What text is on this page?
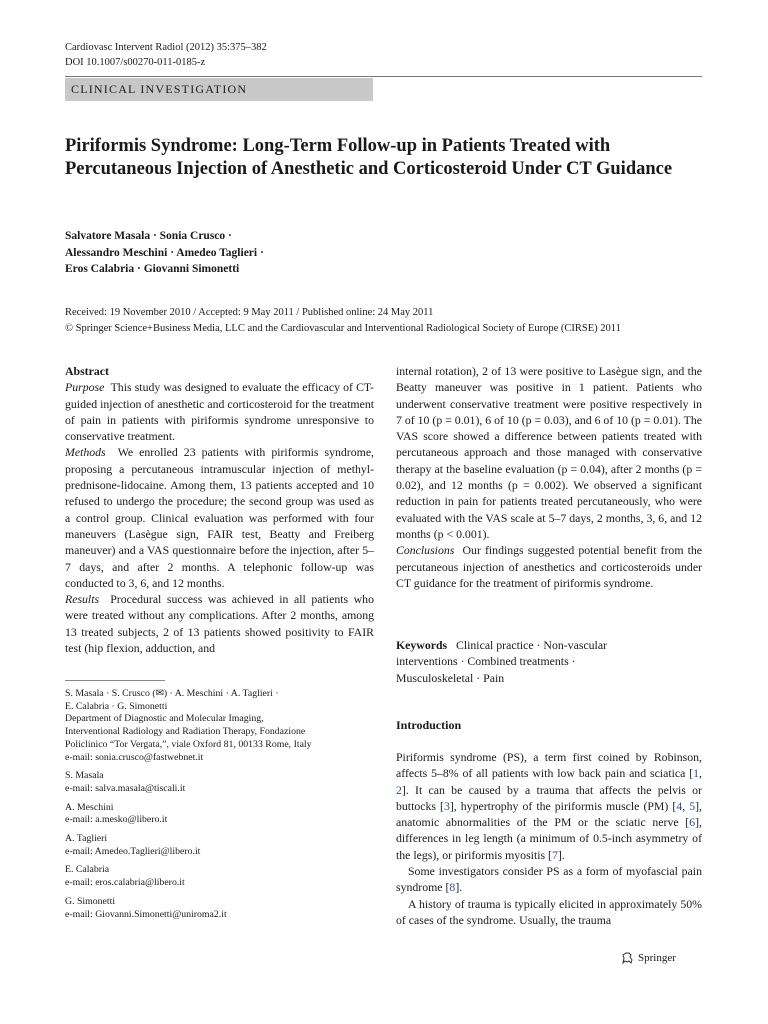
Cardiovasc Intervent Radiol (2012) 35:375–382
DOI 10.1007/s00270-011-0185-z
CLINICAL INVESTIGATION
Piriformis Syndrome: Long-Term Follow-up in Patients Treated with Percutaneous Injection of Anesthetic and Corticosteroid Under CT Guidance
Salvatore Masala · Sonia Crusco ·
Alessandro Meschini · Amedeo Taglieri ·
Eros Calabria · Giovanni Simonetti
Received: 19 November 2010 / Accepted: 9 May 2011 / Published online: 24 May 2011
© Springer Science+Business Media, LLC and the Cardiovascular and Interventional Radiological Society of Europe (CIRSE) 2011

Abstract

Purpose This study was designed to evaluate the efficacy of CT-guided injection of anesthetic and corticosteroid for the treatment of pain in patients with piriformis syndrome unresponsive to conservative treatment.

Methods We enrolled 23 patients with piriformis syndrome, proposing a percutaneous intramuscular injection of methyl-prednisone-lidocaine. Among them, 13 patients accepted and 10 refused to undergo the procedure; the second group was used as a control group. Clinical evaluation was performed with four maneuvers (Lasègue sign, FAIR test, Beatty and Freiberg maneuver) and a VAS questionnaire before the injection, after 5–7 days, and after 2 months. A telephonic follow-up was conducted to 3, 6, and 12 months.

Results Procedural success was achieved in all patients who were treated without any complications. After 2 months, among 13 treated subjects, 2 of 13 patients showed positivity to FAIR test (hip flexion, adduction, and

internal rotation), 2 of 13 were positive to Lasègue sign, and the Beatty maneuver was positive in 1 patient. Patients who underwent conservative treatment were positive respectively in 7 of 10 (p = 0.01), 6 of 10 (p = 0.03), and 6 of 10 (p = 0.01). The VAS score showed a difference between patients treated with percutaneous approach and those managed with conservative therapy at the baseline evaluation (p = 0.04), after 2 months (p = 0.02), and 12 months (p = 0.002). We observed a significant reduction in pain for patients treated percutaneously, who were evaluated with the VAS scale at 5–7 days, 2 months, 3, 6, and 12 months (p < 0.001).

Conclusions Our findings suggested potential benefit from the percutaneous injection of anesthetics and corticosteroids under CT guidance for the treatment of piriformis syndrome.

Keywords Clinical practice · Non-vascular
interventions · Combined treatments ·
Musculoskeletal · Pain
S. Masala · S. Crusco (✉) · A. Meschini · A. Taglieri ·
E. Calabria · G. Simonetti
Department of Diagnostic and Molecular Imaging,
Interventional Radiology and Radiation Therapy, Fondazione
Policlinico “Tor Vergata,”, viale Oxford 81, 00133 Rome, Italy
e-mail: sonia.crusco@fastwebnet.it
S. Masala
e-mail: salva.masala@tiscali.it
A. Meschini
e-mail: a.mesko@libero.it
A. Taglieri
e-mail: Amedeo.Taglieri@libero.it
E. Calabria
e-mail: eros.calabria@libero.it
G. Simonetti
e-mail: Giovanni.Simonetti@uniroma2.it
Introduction

Piriformis syndrome (PS), a term first coined by Robinson, affects 5–8% of all patients with low back pain and sciatica [1, 2]. It can be caused by a trauma that affects the pelvis or buttocks [3], hypertrophy of the piriformis muscle (PM) [4, 5], anatomic abnormalities of the PM or the sciatic nerve [6], differences in leg length (a minimum of 0.5-inch asymmetry of the legs), or piriformis myositis [7].

Some investigators consider PS as a form of myofascial pain syndrome [8].

A history of trauma is typically elicited in approximately 50% of cases of the syndrome. Usually, the trauma

Springer
